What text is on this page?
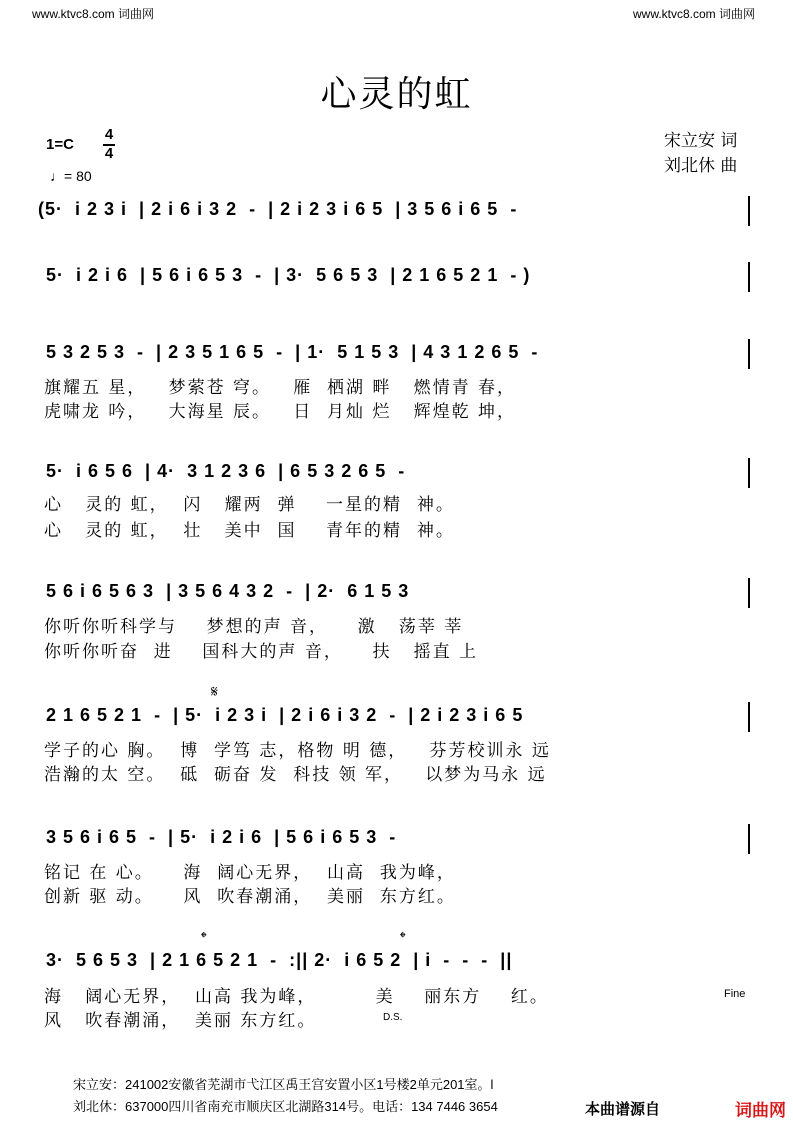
www.ktvc8.com 词曲网	www.ktvc8.com 词曲网
心灵的虹
宋立安 词
刘北休 曲
1=C
4
4
♩= 80
(5·  i 2 3 i  | 2 i 6 i 3 2  -  | 2 i 2 3 i 6 5  | 3 5 6 i 6 5  -
5·  i 2 i 6  | 5 6 i 6 5 3  -  | 3·  5 6 5 3  | 2 1 6 5 2 1  - )
5 3 2 5 3  -  | 2 3 5 1 6 5  -  | 1·  5 1 5 3  | 4 3 1 2 6 5  -
旗耀五 星，   梦萦苍 穹。   雁  栖湖 畔   燃情青 春，
虎啸龙 吟，   大海星 辰。   日  月灿 烂   辉煌乾 坤，
5·  i 6 5 6  | 4·  3 1 2 3 6  | 6 5 3 2 6 5  -
心   灵的 虹，  闪   耀两  弹    一星的精  神。
心   灵的 虹，  壮   美中  国    青年的精  神。
5 6 i 6 5 6 3  | 3 5 6 4 3 2  -  | 2·  6 1 5 3
你听你听科学与    梦想的声 音，    激   荡莘 莘
你听你听奋  进    国科大的声 音，    扶   摇直 上
𝄋
2 1 6 5 2 1  -  | 5·  i 2 3 i  | 2 i 6 i 3 2  -  | 2 i 2 3 i 6 5
学子的心 胸。  博  学笃 志，格物 明 德，   芬芳校训永 远
浩瀚的太 空。  砥  砺奋 发  科技 领 军，   以梦为马永 远
3 5 6 i 6 5  -  | 5·  i 2 i 6  | 5 6 i 6 5 3  -
铭记 在 心。    海  阔心无界，  山高  我为峰，
创新 驱 动。    风  吹春潮涌，  美丽  东方红。
𝄌	𝄌
3·  5 6 5 3  | 2 1 6 5 2 1  -  :|| 2·  i 6 5 2  | i  -  -  -  ||
海   阔心无界，  山高 我为峰，        美    丽东方    红。
风   吹春潮涌，  美丽 东方红。
Fine
D.S.
宋立安：241002安徽省芜湖市弋江区禹王宫安置小区1号楼2单元201室。l
刘北休：637000四川省南充市顺庆区北湖路314号。电话：134 7446 3654	本曲谱源自	词曲网
